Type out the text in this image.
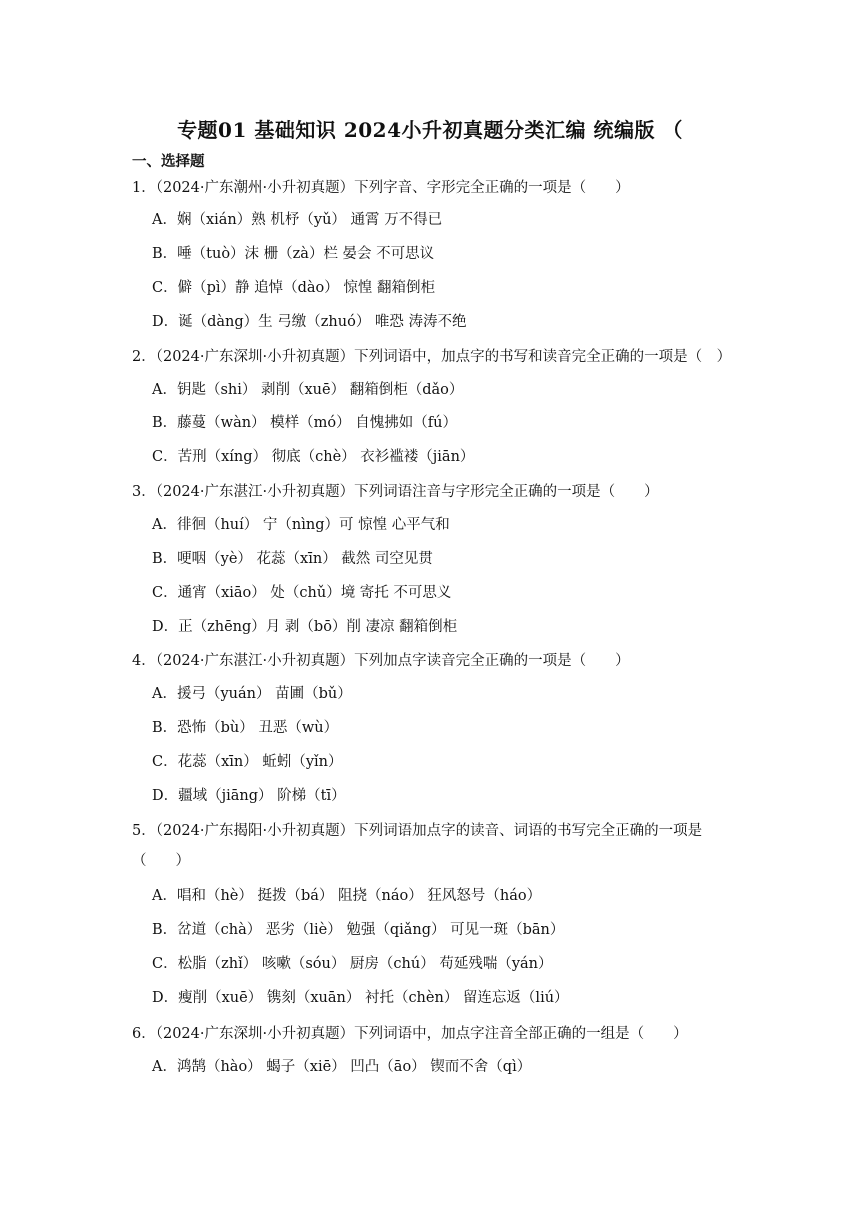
专题01 基础知识 2024小升初真题分类汇编 统编版 （
一、选择题
1．（2024·广东潮州·小升初真题）下列字音、字形完全正确的一项是（　　）
A．娴（xián）熟 机杼（yǔ） 通霄 万不得已
B．唾（tuò）沫 栅（zà）栏 晏会 不可思议
C．僻（pì）静 追悼（dào） 惊惶 翻箱倒柜
D．诞（dàng）生 弓缴（zhuó） 唯恐 涛涛不绝
2．（2024·广东深圳·小升初真题）下列词语中，加点字的书写和读音完全正确的一项是（　）
A．钥匙（shi） 剥削（xuē） 翻箱倒柜（dǎo）
B．藤蔓（wàn） 模样（mó） 自愧拂如（fú）
C．苦刑（xíng） 彻底（chè） 衣衫褴褛（jiān）
3．（2024·广东湛江·小升初真题）下列词语注音与字形完全正确的一项是（　　）
A．徘徊（huí） 宁（nìng）可 惊惶 心平气和
B．哽咽（yè） 花蕊（xīn） 截然 司空见贯
C．通宵（xiāo） 处（chǔ）境 寄托 不可思义
D．正（zhēng）月 剥（bō）削 凄凉 翻箱倒柜
4．（2024·广东湛江·小升初真题）下列加点字读音完全正确的一项是（　　）
A．援弓（yuán） 苗圃（bǔ）
B．恐怖（bù） 丑恶（wù）
C．花蕊（xīn） 蚯蚓（yǐn）
D．疆域（jiāng） 阶梯（tī）
5．（2024·广东揭阳·小升初真题）下列词语加点字的读音、词语的书写完全正确的一项是（　　）
A．唱和（hè） 挺拨（bá） 阻挠（náo） 狂风怒号（háo）
B．岔道（chà） 恶劣（liè） 勉强（qiǎng） 可见一斑（bān）
C．松脂（zhǐ） 咳嗽（sóu） 厨房（chú） 苟延残喘（yán）
D．瘦削（xuē） 镌刻（xuān） 衬托（chèn） 留连忘返（liú）
6．（2024·广东深圳·小升初真题）下列词语中，加点字注音全部正确的一组是（　　）
A．鸿鹄（hào） 蝎子（xiē） 凹凸（āo） 锲而不舍（qì）
